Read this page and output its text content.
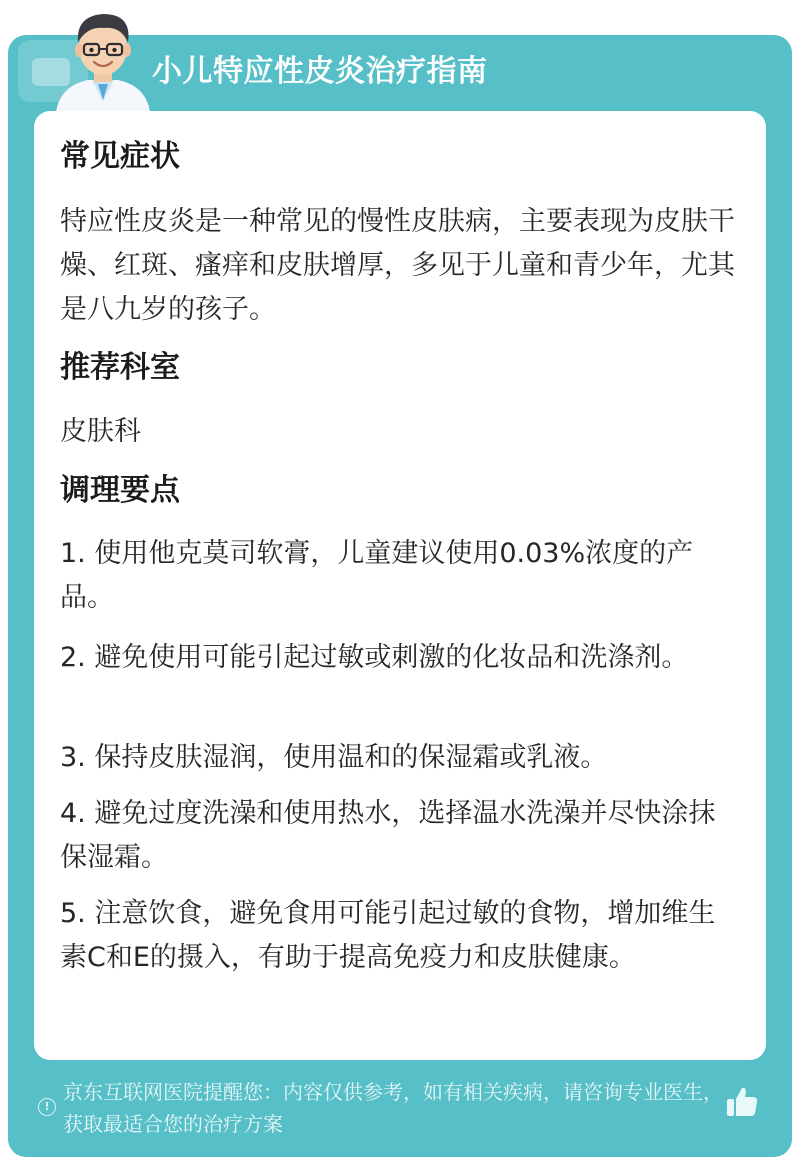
小儿特应性皮炎治疗指南
常见症状
特应性皮炎是一种常见的慢性皮肤病，主要表现为皮肤干燥、红斑、瘙痒和皮肤增厚，多见于儿童和青少年，尤其是八九岁的孩子。
推荐科室
皮肤科
调理要点
1. 使用他克莫司软膏，儿童建议使用0.03%浓度的产品。
2. 避免使用可能引起过敏或刺激的化妆品和洗涤剂。
3. 保持皮肤湿润，使用温和的保湿霜或乳液。
4. 避免过度洗澡和使用热水，选择温水洗澡并尽快涂抹保湿霜。
5. 注意饮食，避免食用可能引起过敏的食物，增加维生素C和E的摄入，有助于提高免疫力和皮肤健康。
!
京东互联网医院提醒您：内容仅供参考，如有相关疾病，请咨询专业医生，获取最适合您的治疗方案
